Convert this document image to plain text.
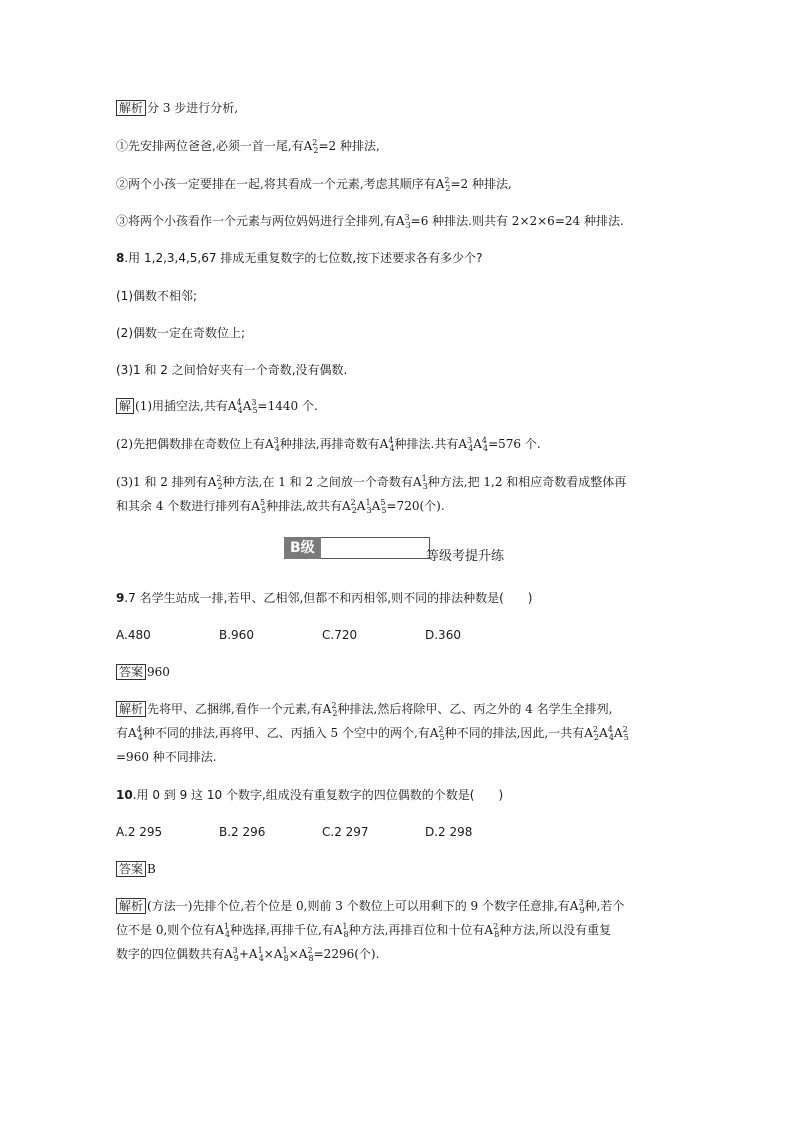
解析 分 3 步进行分析,
①先安排两位爸爸,必须一首一尾,有$A^2_2=2$ 种排法,
②两个小孩一定要排在一起,将其看成一个元素,考虑其顺序有$A^2_2=2$ 种排法,
③将两个小孩看作一个元素与两位妈妈进行全排列,有$A^3_3=6$ 种排法.则共有 2×2×6=24 种排法.
8.用 1,2,3,4,5,67 排成无重复数字的七位数,按下述要求各有多少个?
(1)偶数不相邻;
(2)偶数一定在奇数位上;
(3)1 和 2 之间恰好夹有一个奇数,没有偶数.
解 (1)用插空法,共有$A^4_4A^3_5=1440$ 个.
(2)先把偶数排在奇数位上有$A^3_4$种排法,再排奇数有$A^4_4$种排法.共有$A^3_4A^4_4=576$ 个.
(3)1 和 2 排列有$A^2_2$种方法,在 1 和 2 之间放一个奇数有$A^1_3$种方法,把 1,2 和相应奇数看成整体再
和其余 4 个数进行排列有$A^5_5$种排法,故共有$A^2_2A^1_3A^5_5=720$(个).
B级
等级考提升练
9.7 名学生站成一排,若甲、乙相邻,但都不和丙相邻,则不同的排法种数是(　　)
A.480	B.960	C.720	D.360
答案 960
解析 先将甲、乙捆绑,看作一个元素,有$A^2_2$种排法,然后将除甲、乙、丙之外的 4 名学生全排列,
有$A^4_4$种不同的排法,再将甲、乙、丙插入 5 个空中的两个,有$A^2_5$种不同的排法,因此,一共有$A^2_2A^4_4A^2_5$
=960 种不同排法.
10.用 0 到 9 这 10 个数字,组成没有重复数字的四位偶数的个数是(　　)
A.2 295	B.2 296	C.2 297	D.2 298
答案 B
解析 (方法一)先排个位,若个位是 0,则前 3 个数位上可以用剩下的 9 个数字任意排,有$A^3_9$种,若个
位不是 0,则个位有$A^1_4$种选择,再排千位,有$A^1_8$种方法,再排百位和十位有$A^2_8$种方法,所以没有重复
数字的四位偶数共有$A^3_9+A^1_4\times A^1_8\times A^2_8=2296$(个).
